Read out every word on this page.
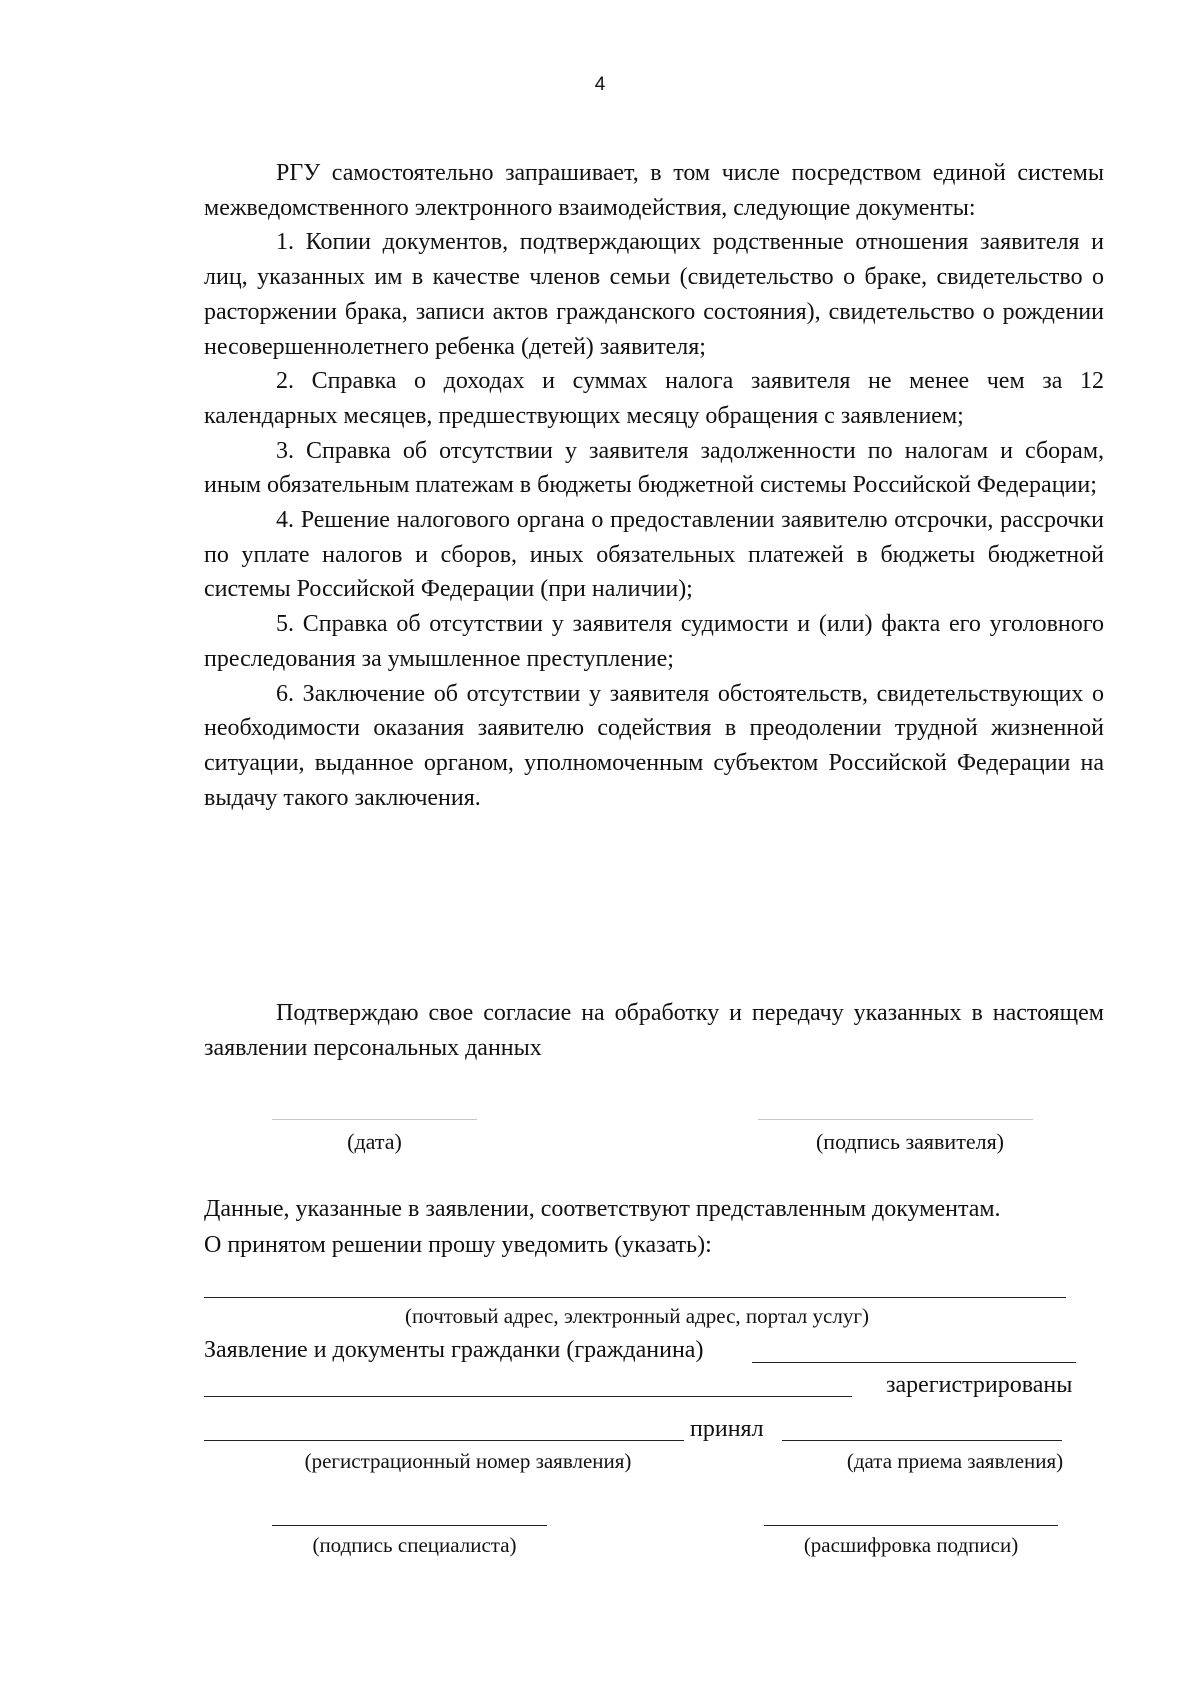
4

РГУ самостоятельно запрашивает, в том числе посредством единой системы межведомственного электронного взаимодействия, следующие документы:

1. Копии документов, подтверждающих родственные отношения заявителя и лиц, указанных им в качестве членов семьи (свидетельство о браке, свидетельство о расторжении брака, записи актов гражданского состояния), свидетельство о рождении несовершеннолетнего ребенка (детей) заявителя;

2. Справка о доходах и суммах налога заявителя не менее чем за 12 календарных месяцев, предшествующих месяцу обращения с заявлением;

3. Справка об отсутствии у заявителя задолженности по налогам и сборам, иным обязательным платежам в бюджеты бюджетной системы Российской Федерации;

4. Решение налогового органа о предоставлении заявителю отсрочки, рассрочки по уплате налогов и сборов, иных обязательных платежей в бюджеты бюджетной системы Российской Федерации (при наличии);

5. Справка об отсутствии у заявителя судимости и (или) факта его уголовного преследования за умышленное преступление;

6. Заключение об отсутствии у заявителя обстоятельств, свидетельствующих о необходимости оказания заявителю содействия в преодолении трудной жизненной ситуации, выданное органом, уполномоченным субъектом Российской Федерации на выдачу такого заключения.

Подтверждаю свое согласие на обработку и передачу указанных в настоящем заявлении персональных данных

(дата)	(подпись заявителя)
Данные, указанные в заявлении, соответствуют представленным документам.
О принятом решении прошу уведомить (указать):
(почтовый адрес, электронный адрес, портал услуг)
Заявление и документы гражданки (гражданина)
зарегистрированы
принял
(регистрационный номер заявления)	(дата приема заявления)
(подпись специалиста)	(расшифровка подписи)
